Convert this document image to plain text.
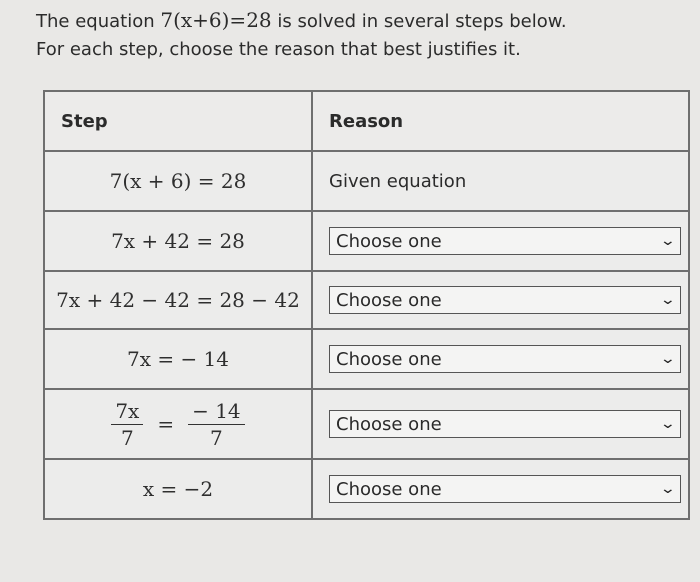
The equation 7(x+6)=28 is solved in several steps below.
For each step, choose the reason that best justifies it.
Step	Reason
7(x + 6) = 28	Given equation
7x + 42 = 28	Choose one ⌄

7x + 42 − 42 = 28 − 42	Choose one ⌄

7x = − 14	Choose one ⌄

$\frac{7x}{7} = \frac{- 14}{7}$	Choose one ⌄

x = −2	Choose one ⌄
